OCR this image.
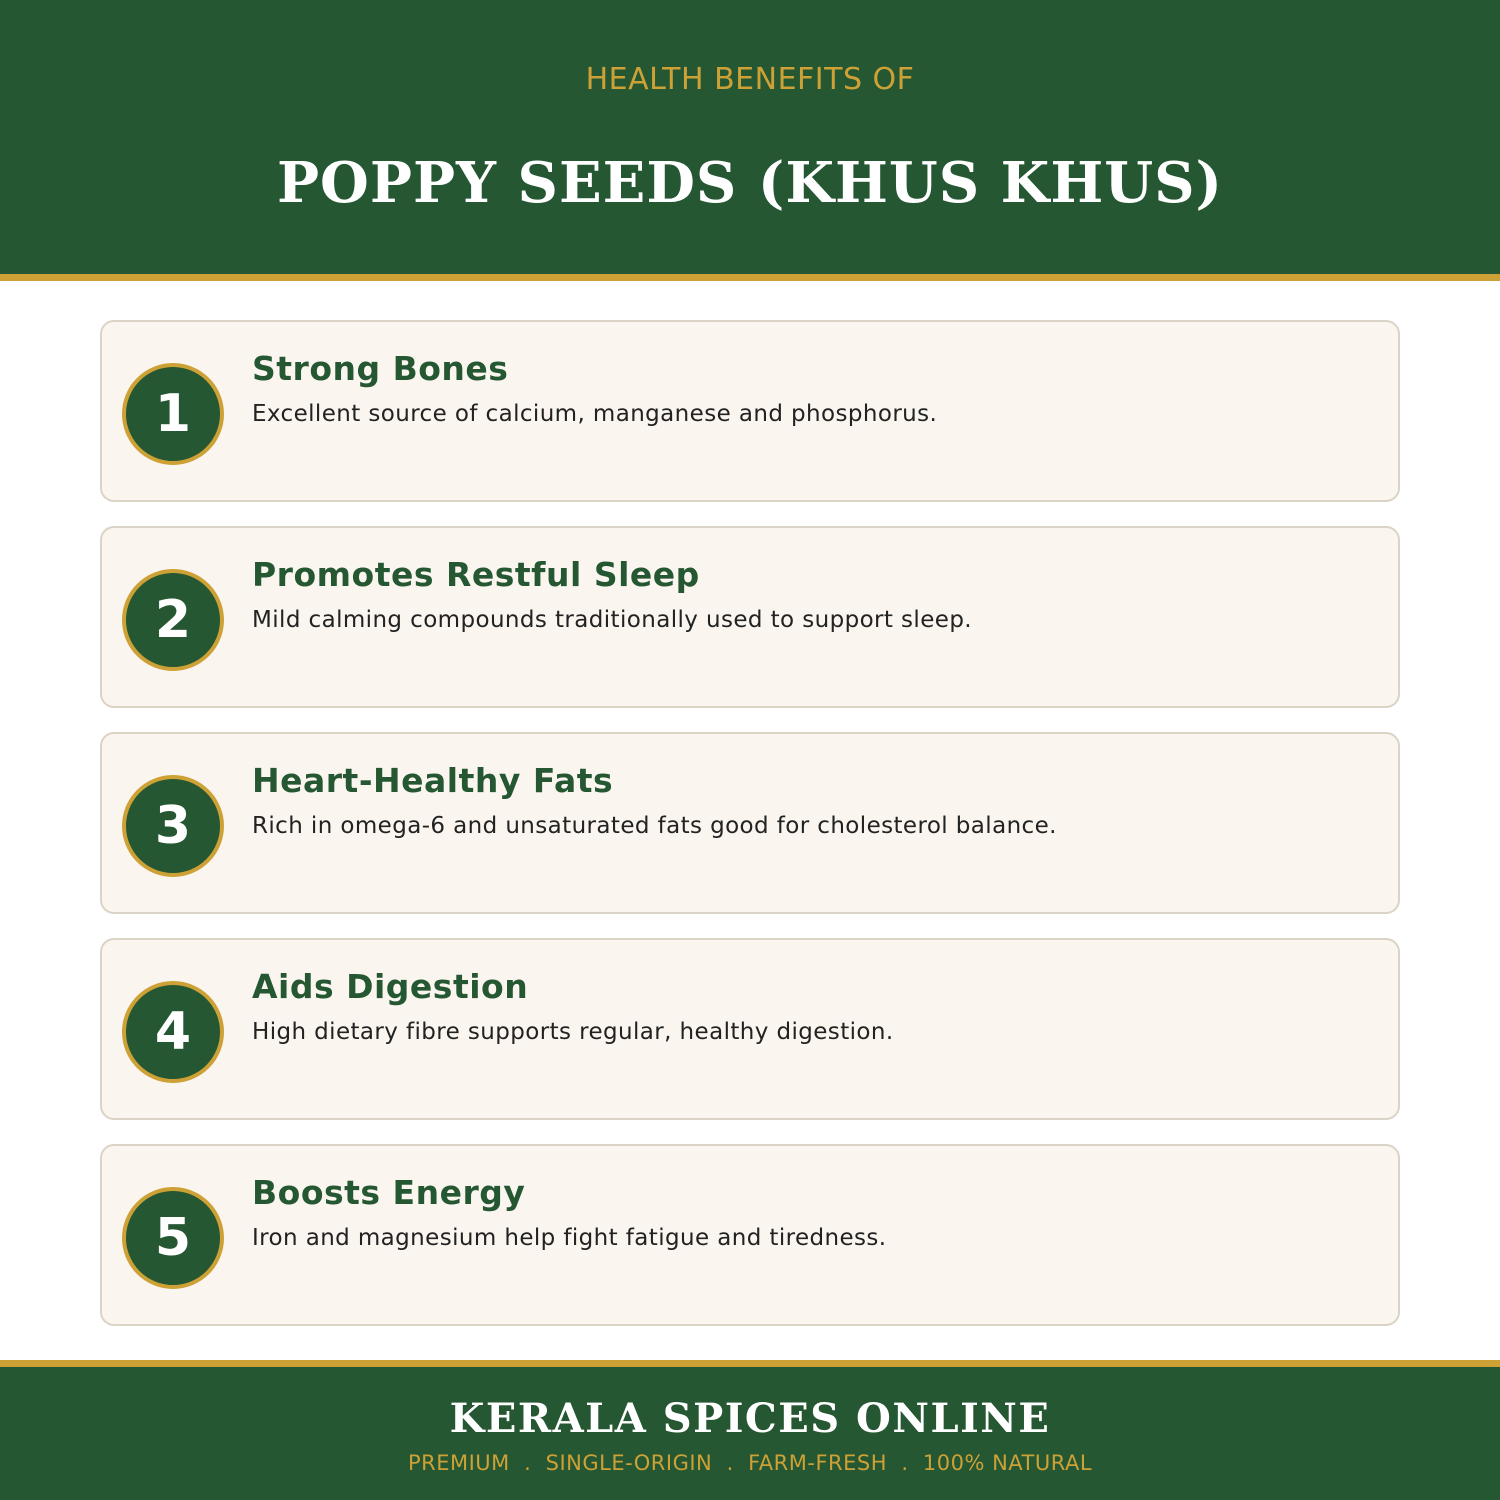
HEALTH BENEFITS OF
POPPY SEEDS (KHUS KHUS)
1
Strong Bones
Excellent source of calcium, manganese and phosphorus.
2
Promotes Restful Sleep
Mild calming compounds traditionally used to support sleep.
3
Heart-Healthy Fats
Rich in omega-6 and unsaturated fats good for cholesterol balance.
4
Aids Digestion
High dietary fibre supports regular, healthy digestion.
5
Boosts Energy
Iron and magnesium help fight fatigue and tiredness.
KERALA SPICES ONLINE
PREMIUM  .  SINGLE-ORIGIN  .  FARM-FRESH  .  100% NATURAL
